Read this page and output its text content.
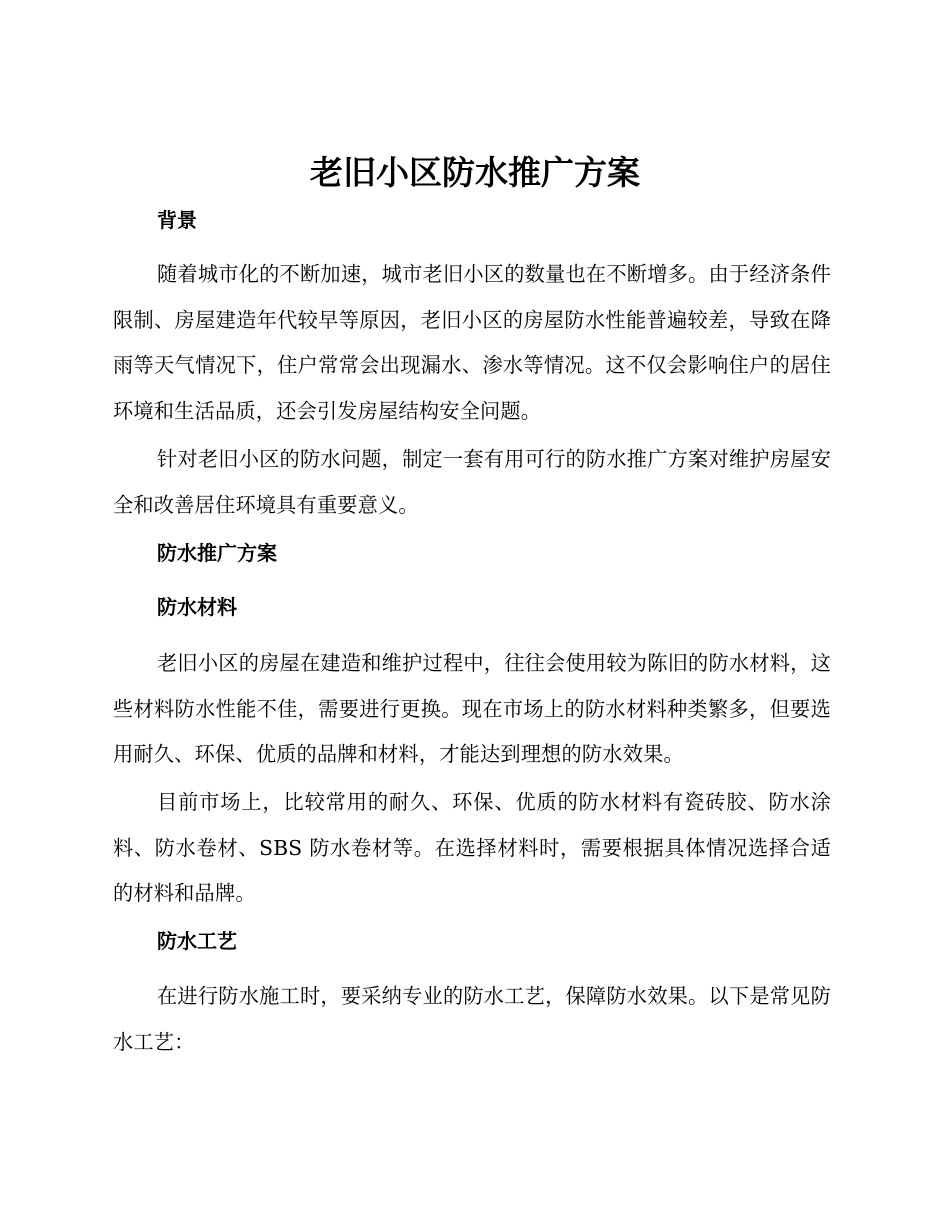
老旧小区防水推广方案
背景

随着城市化的不断加速，城市老旧小区的数量也在不断增多。由于经济条件限制、房屋建造年代较早等原因，老旧小区的房屋防水性能普遍较差，导致在降雨等天气情况下，住户常常会出现漏水、渗水等情况。这不仅会影响住户的居住环境和生活品质，还会引发房屋结构安全问题。

针对老旧小区的防水问题，制定一套有用可行的防水推广方案对维护房屋安全和改善居住环境具有重要意义。

防水推广方案
防水材料

老旧小区的房屋在建造和维护过程中，往往会使用较为陈旧的防水材料，这些材料防水性能不佳，需要进行更换。现在市场上的防水材料种类繁多，但要选用耐久、环保、优质的品牌和材料，才能达到理想的防水效果。

目前市场上，比较常用的耐久、环保、优质的防水材料有瓷砖胶、防水涂料、防水卷材、SBS 防水卷材等。在选择材料时，需要根据具体情况选择合适的材料和品牌。

防水工艺

在进行防水施工时，要采纳专业的防水工艺，保障防水效果。以下是常见防水工艺：
